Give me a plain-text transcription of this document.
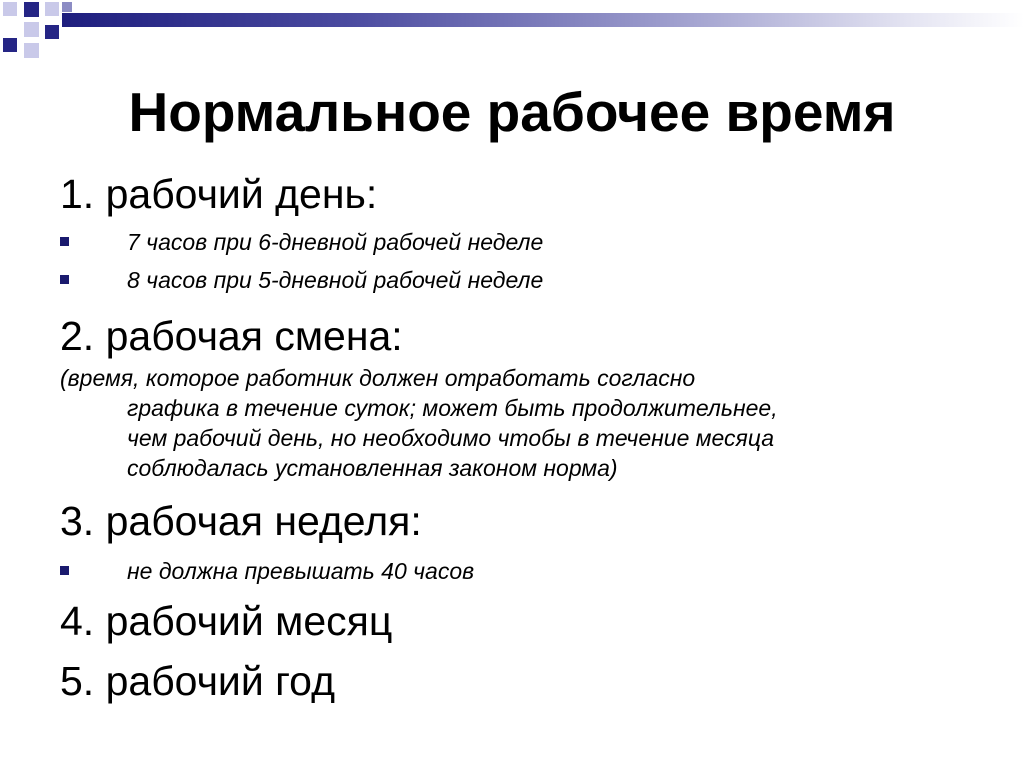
Нормальное рабочее время
1. рабочий день:
7 часов при 6-дневной рабочей неделе
8 часов при 5-дневной рабочей неделе
2. рабочая смена:
(время, которое работник должен отработать согласно
графика в течение суток; может быть продолжительнее,
чем рабочий день, но необходимо чтобы в течение месяца
соблюдалась установленная законом норма)
3. рабочая неделя:
не должна превышать 40 часов
4. рабочий месяц
5. рабочий год
